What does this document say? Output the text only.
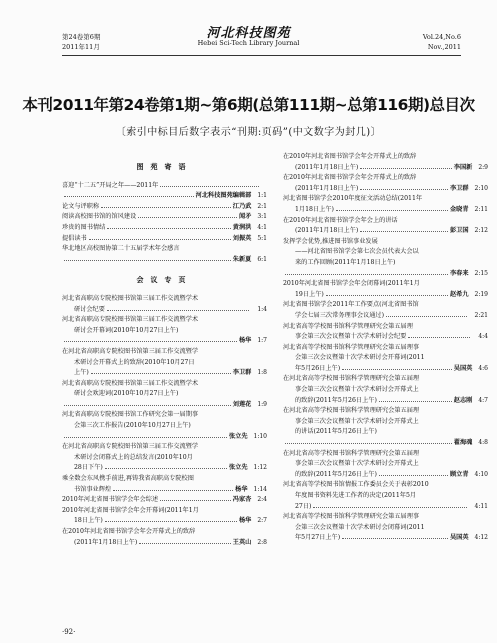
第24卷第6期
2011年11月
河北科技图苑
Hebei Sci-Tech Library Journal
Vol.24,No.6
Nov.,2011
本刊2011年第24卷第1期~第6期(总第111期~总第116期)总目次
〔索引中标目后数字表示“刊期:页码”(中文数字为封几)〕
图苑寄语
喜迎“十二五”开局之年——2011年
河北科技图苑编辑部 1:1
论文与评职称	江乃武 2:1
阅读高校图书馆的馆风建设	闻矛 3:1
珍贵的图书情结	黄润洪 4:1
提倡读书	刘振英 5:1
华北地区高校图协第二十五届学术年会感言
朱新夏 6:1
会议专页
河北省高职高专院校图书馆第三届工作交流暨学术
研讨会纪要	1:4
河北省高职高专院校图书馆第三届工作交流暨学术
研讨会开幕词(2010年10月27日上午)
杨华 1:7
在河北省高职高专院校图书馆第三届工作交流暨学
术研讨会开幕式上的致辞(2010年10月27日
上午)	李卫群 1:8
河北省高职高专院校图书馆第三届工作交流暨学术
研讨会欢迎词(2010年10月27日上午)
刘莲花 1:9
河北省高职高专院校图书馆工作研究会第一届期事
会第三次工作报告(2010年10月27日上午)
张立先 1:10
在河北省高职高专院校图书馆第三届工作交流暨学
术研讨会闭幕式上的总结发言(2010年10月
28日下午)	张立先 1:12
乘全数会东风携手前进,再铸我省高职高专院校图
书馆事业辉煌	杨华 1:14
2010年河北省图书馆学会年会综述	冯家杏 2:4
2010年河北省图书馆学会年会开幕词(2011年1月
18日上午)	杨华 2:7
在2010年河北省图书馆学会年会开幕式上的致辞
(2011年1月18日上午)	王英山 2:8
在2010年河北省图书馆学会年会开幕式上的致辞
(2011年1月18日上午)	李国新 2:9
在2010年河北省图书馆学会年会开幕式上的致辞
(2011年1月18日上午)	李卫群 2:10
河北省图书馆学会2010年度征文活动总结(2011年
1月18日上午)	金晓青 2:11
在2010年河北省图书馆学会年会上的讲话
(2011年1月18日上午)	彭卫国 2:12
发挥学会优势,推进图书馆事业发展
——河北省图书馆学会第七次会员代表大会以
来的工作回顾(2011年1月18日上午)
李春来 2:15
2010年河北省图书馆学会年会闭幕词(2011年1月
19日上午)	赵希九 2:19
河北省图书馆学会2011年工作要点(河北省图书馆
学会七届三次常务理事会议通过)	2:21
河北省高等学校图书馆科学管理研究会第五届理
事会第三次会议暨第十次学术研讨会纪要	4:4
河北省高等学校图书馆科学管理研究会第五届理事
会第三次会议暨第十次学术研讨会开幕词(2011
年5月26日上午)	吴国英 4:6
在河北省高等学校图书馆科学管理研究会第五届理
事会第三次会议暨第十次学术研讨会开幕式上
的致辞(2011年5月26日上午)	赵志刚 4:7
在河北省高等学校图书馆科学管理研究会第五届理
事会第三次会议暨第十次学术研讨会开幕式上
的讲话(2011年5月26日上午)
翟海魂 4:8
在河北省高等学校图书馆科学管理研究会第五届理
事会第三次会议暨第十次学术研讨会开幕式上
的致辞(2011年5月26日上午)	顾立青 4:10
河北省高等学校图书馆情报工作委员会关于表彰2010
年度图书资料先进工作者的决定(2011年5月
27日)	4:11
河北省高等学校图书馆科学管理研究会第五届理事
会第三次会议暨第十次学术研讨会闭幕词(2011
年5月27日上午)	吴国英 4:12
·92·
